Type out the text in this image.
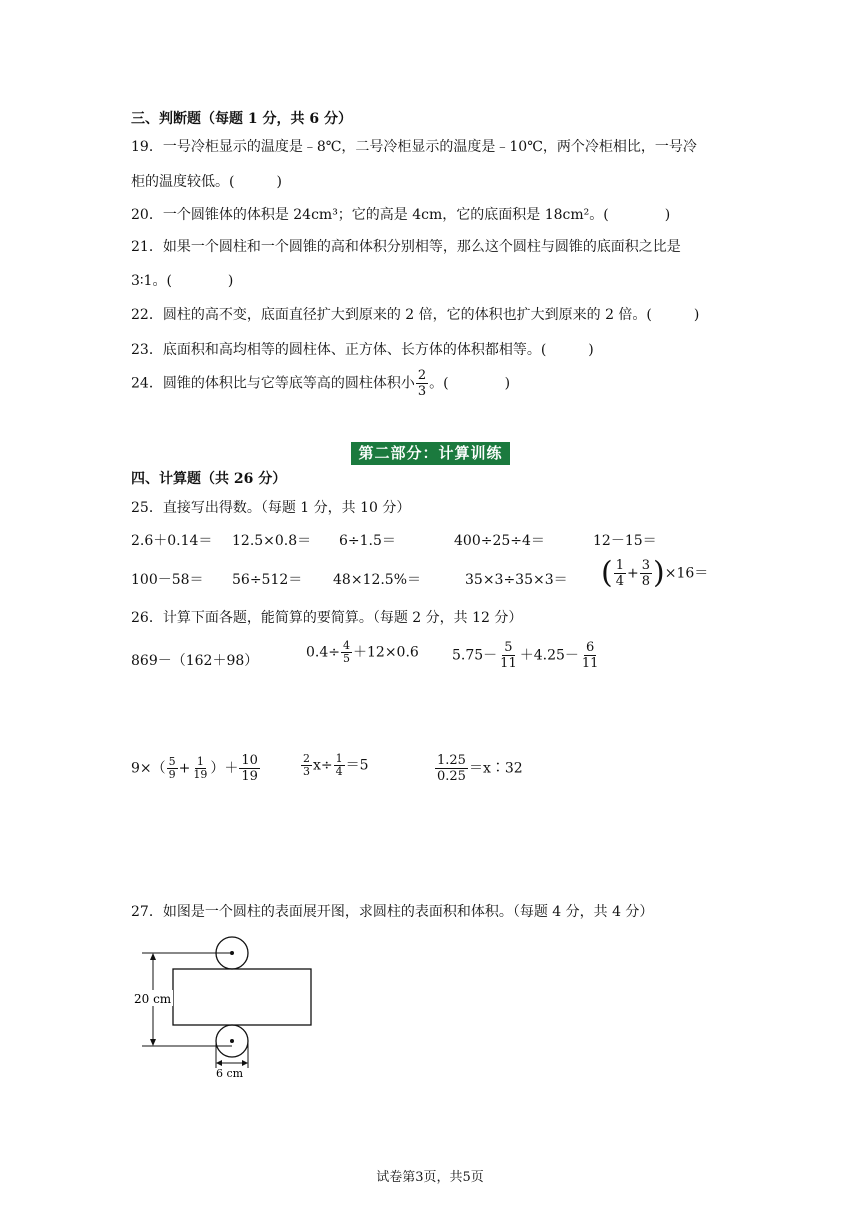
三、判断题（每题 1 分，共 6 分）
19．一号冷柜显示的温度是﹣8℃，二号冷柜显示的温度是﹣10℃，两个冷柜相比，一号冷
柜的温度较低。(　　　)
20．一个圆锥体的体积是 24cm³；它的高是 4cm，它的底面积是 18cm²。(　　　　)
21．如果一个圆柱和一个圆锥的高和体积分别相等，那么这个圆柱与圆锥的底面积之比是
3∶1。(　　　　)
22．圆柱的高不变，底面直径扩大到原来的 2 倍，它的体积也扩大到原来的 2 倍。(　　　)
23．底面积和高均相等的圆柱体、正方体、长方体的体积都相等。(　　　)
24．圆锥的体积比与它等底等高的圆柱体积小 $\frac{2}{3}$ 。(　　　　)
第二部分：计算训练
四、计算题（共 26 分）
25．直接写出得数。（每题 1 分，共 10 分）
2.6＋0.14＝ 12.5×0.8＝ 6÷1.5＝	400÷25÷4＝	12－15＝
100－58＝ 56÷512＝ 48×12.5%＝	35×3÷35×3＝ ( $\frac{1}{4} + \frac{3}{8} )\times 16=$
26．计算下面各题，能简算的要简算。（每题 2 分，共 12 分）
869－（162＋98）
$0.4\div \frac{4}{5} +12\times 0.6$ $5.75- \frac{5}{11} +4.25- \frac{6}{11}$
$9\times( \frac{5}{9} + \frac{1}{19}$ ）＋ $\frac{10}{19}$	$\frac{2}{3} x\div \frac{1}{4} =5$	$\frac{1.25}{0.25}$ ＝x∶32
27．如图是一个圆柱的表面展开图，求圆柱的表面积和体积。（每题 4 分，共 4 分）
20 cm
6 cm
试卷第3页，共5页
